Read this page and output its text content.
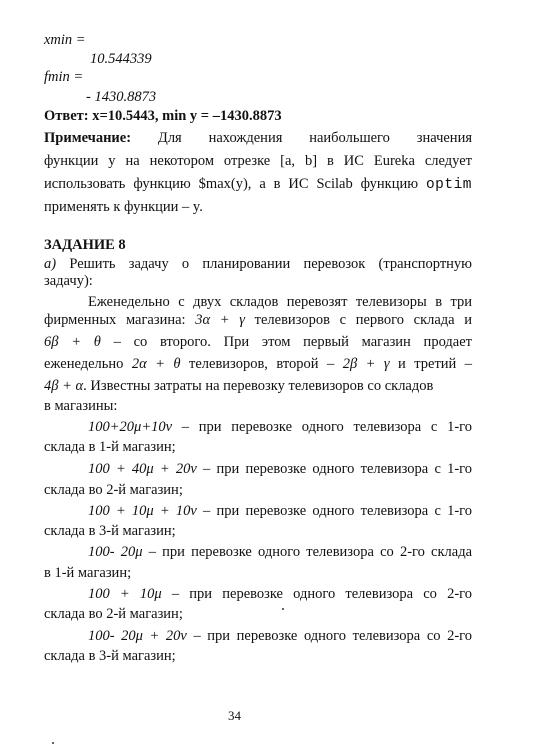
xmin =
10.544339
fmin =
- 1430.8873
Ответ: x=10.5443, min y = –1430.8873
Примечание: Для нахождения наибольшего значения
функции y на некотором отрезке [a, b] в ИС Eureka следует
использовать функцию $max(y), а в ИС Scilab функцию optim
применять к функции – y.
ЗАДАНИЕ 8
а) Решить задачу о планировании перевозок (транспортную
задачу):
Еженедельно с двух складов перевозят телевизоры в три
фирменных магазина: 3α + γ телевизоров с первого склада и
6β + θ – со второго. При этом первый магазин продает
еженедельно 2α + θ телевизоров, второй – 2β + γ и третий –
4β + α. Известны затраты на перевозку телевизоров со складов
в магазины:
100+20μ+10ν – при перевозке одного телевизора с 1-го
склада в 1-й магазин;
100 + 40μ + 20ν – при перевозке одного телевизора с 1-го
склада во 2-й магазин;
100 + 10μ + 10ν – при перевозке одного телевизора с 1-го
склада в 3-й магазин;
100- 20μ – при перевозке одного телевизора со 2-го склада
в 1-й магазин;
100 + 10μ – при перевозке одного телевизора со 2-го
склада во 2-й магазин;
100- 20μ + 20ν – при перевозке одного телевизора со 2-го
склада в 3-й магазин;
34
